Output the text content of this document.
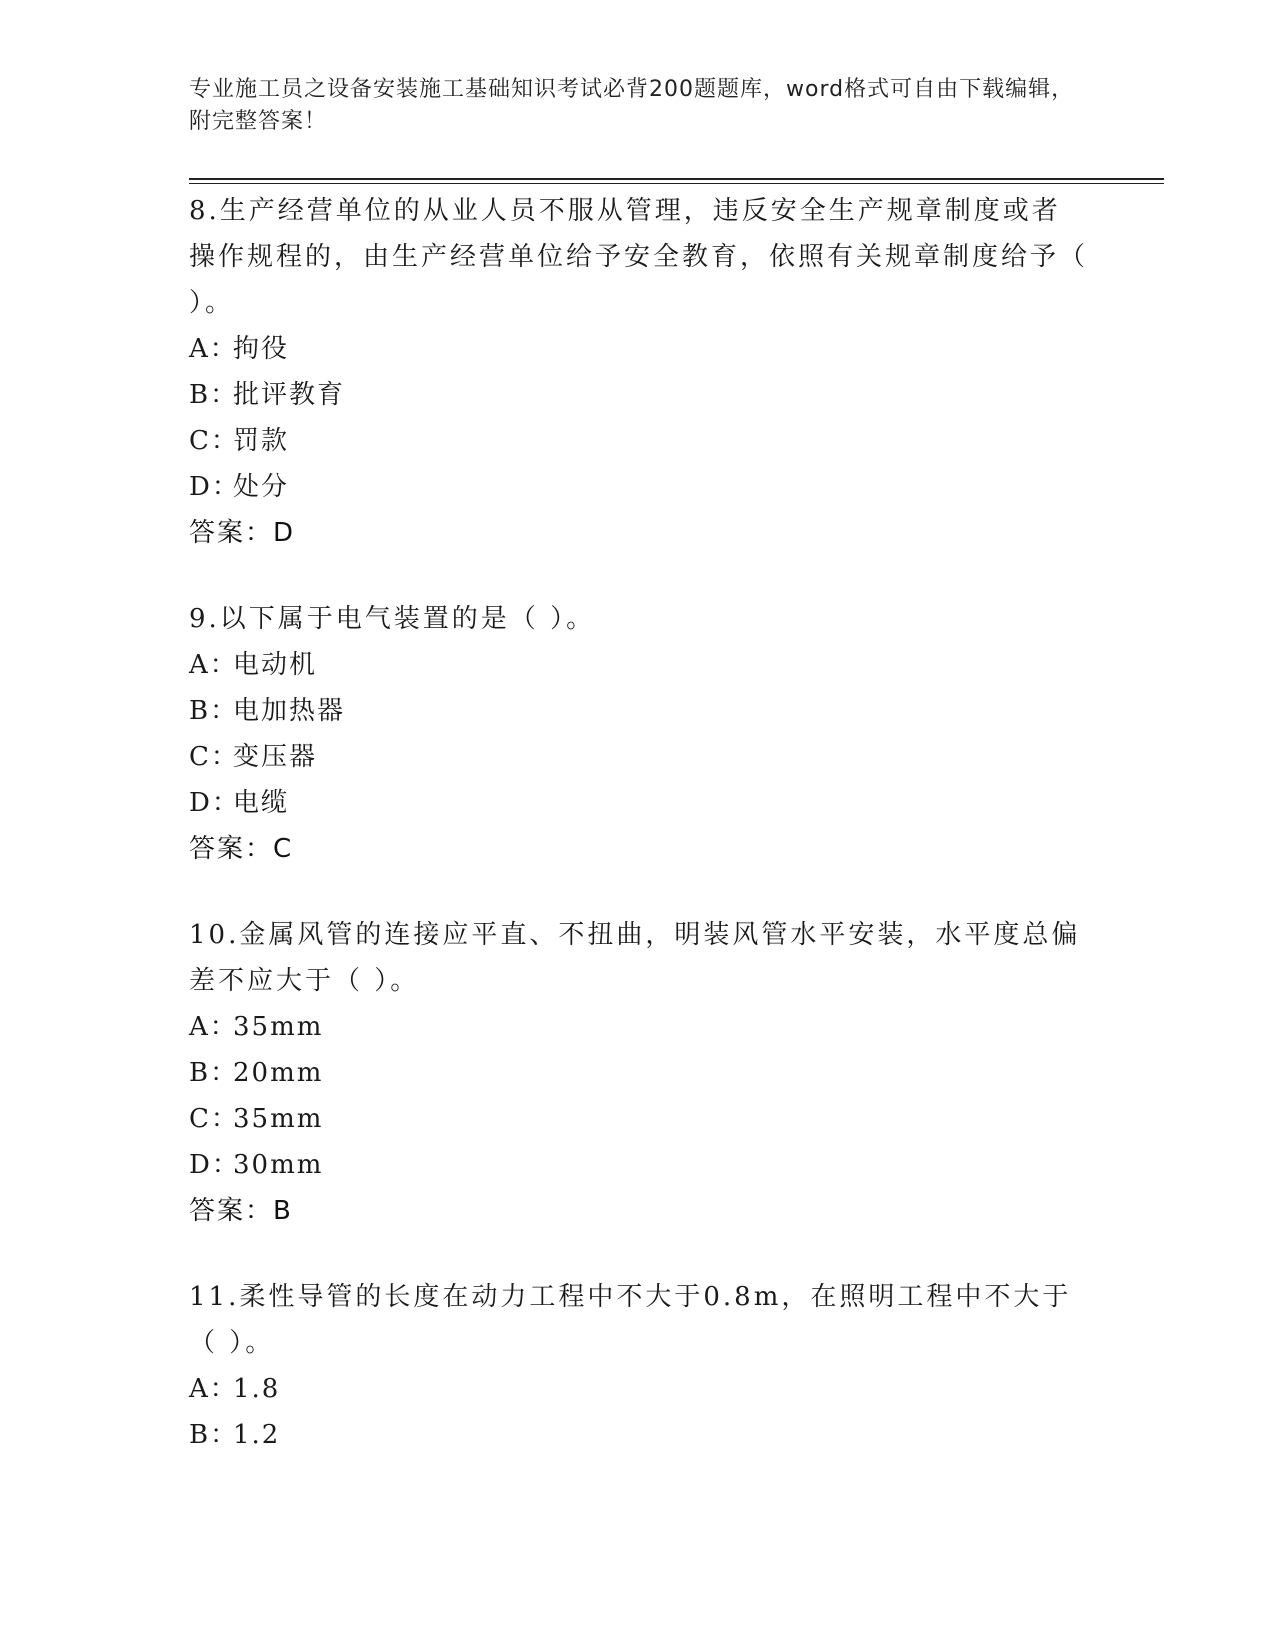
专业施工员之设备安装施工基础知识考试必背200题题库，word格式可自由下载编辑，附完整答案！

8.生产经营单位的从业人员不服从管理，违反安全生产规章制度或者操作规程的，由生产经营单位给予安全教育，依照有关规章制度给予（ ）。

A：拘役

B：批评教育

C：罚款

D：处分

答案：D

9.以下属于电气装置的是（ ）。

A：电动机

B：电加热器

C：变压器

D：电缆

答案：C

10.金属风管的连接应平直、不扭曲，明装风管水平安装，水平度总偏差不应大于（ ）。

A：35mm

B：20mm

C：35mm

D：30mm

答案：B

11.柔性导管的长度在动力工程中不大于0.8m，在照明工程中不大于（ ）。

A：1.8

B：1.2
